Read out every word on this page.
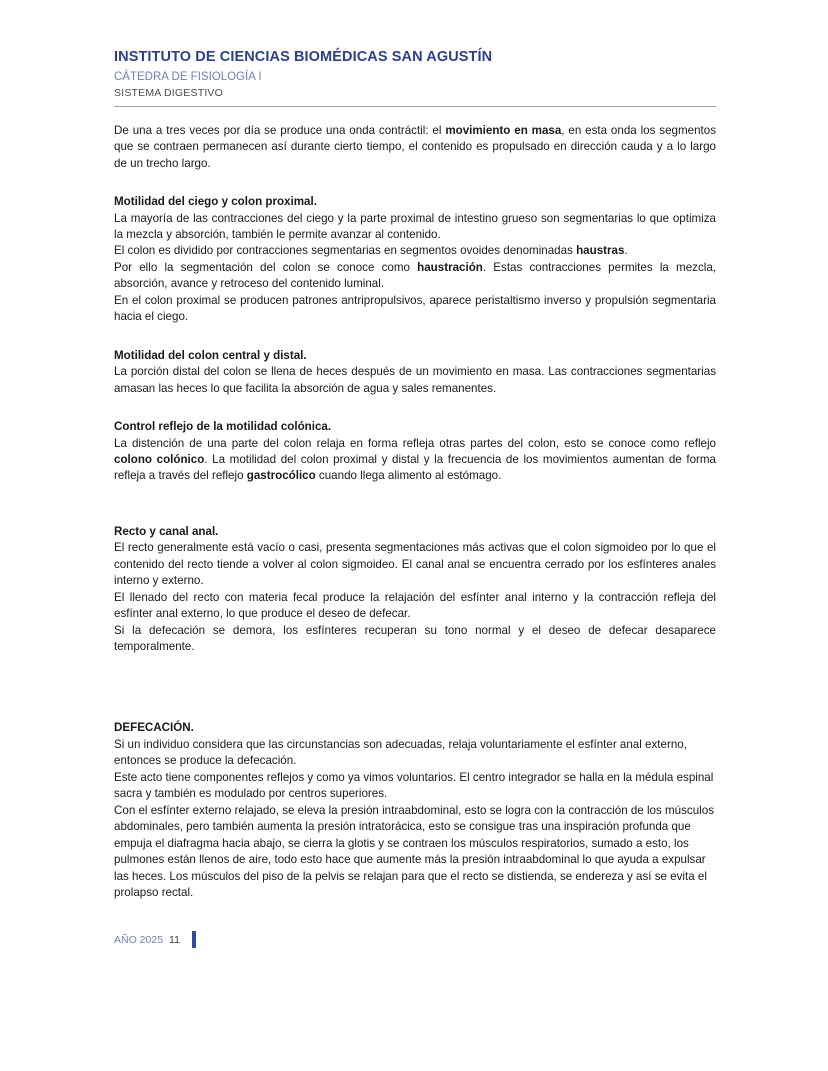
INSTITUTO DE CIENCIAS BIOMÉDICAS SAN AGUSTÍN
CÁTEDRA DE FISIOLOGÍA I
SISTEMA DIGESTIVO

De una a tres veces por día se produce una onda contráctil: el movimiento en masa, en esta onda los segmentos que se contraen permanecen así durante cierto tiempo, el contenido es propulsado en dirección cauda y a lo largo de un trecho largo.

Motilidad del ciego y colon proximal.

La mayoría de las contracciones del ciego y la parte proximal de intestino grueso son segmentarias lo que optimiza la mezcla y absorción, también le permite avanzar al contenido.

El colon es dividido por contracciones segmentarias en segmentos ovoides denominadas haustras.

Por ello la segmentación del colon se conoce como haustración. Estas contracciones permites la mezcla, absorción, avance y retroceso del contenido luminal.

En el colon proximal se producen patrones antripropulsivos, aparece peristaltismo inverso y propulsión segmentaria hacia el ciego.

Motilidad del colon central y distal.

La porción distal del colon se llena de heces después de un movimiento en masa. Las contracciones segmentarias amasan las heces lo que facilita la absorción de agua y sales remanentes.

Control reflejo de la motilidad colónica.

La distención de una parte del colon relaja en forma refleja otras partes del colon, esto se conoce como reflejo colono colónico. La motilidad del colon proximal y distal y la frecuencia de los movimientos aumentan de forma refleja a través del reflejo gastrocólico cuando llega alimento al estómago.

Recto y canal anal.

El recto generalmente está vacío o casi, presenta segmentaciones más activas que el colon sigmoideo por lo que el contenido del recto tiende a volver al colon sigmoideo. El canal anal se encuentra cerrado por los esfínteres anales interno y externo.

El llenado del recto con materia fecal produce la relajación del esfínter anal interno y la contracción refleja del esfínter anal externo, lo que produce el deseo de defecar.

Si la defecación se demora, los esfínteres recuperan su tono normal y el deseo de defecar desaparece temporalmente.

DEFECACIÓN.

Si un individuo considera que las circunstancias son adecuadas, relaja voluntariamente el esfínter anal externo, entonces se produce la defecación.

Este acto tiene componentes reflejos y como ya vimos voluntarios. El centro integrador se halla en la médula espinal sacra y también es modulado por centros superiores.

Con el esfínter externo relajado, se eleva la presión intraabdominal, esto se logra con la contracción de los músculos abdominales, pero también aumenta la presión intratorácica, esto se consigue tras una inspiración profunda que empuja el diafragma hacia abajo, se cierra la glotis y se contraen los músculos respiratorios, sumado a esto, los pulmones están llenos de aire, todo esto hace que aumente más la presión intraabdominal lo que ayuda a expulsar las heces. Los músculos del piso de la pelvis se relajan para que el recto se distienda, se endereza y así se evita el prolapso rectal.

AÑO 2025 11
